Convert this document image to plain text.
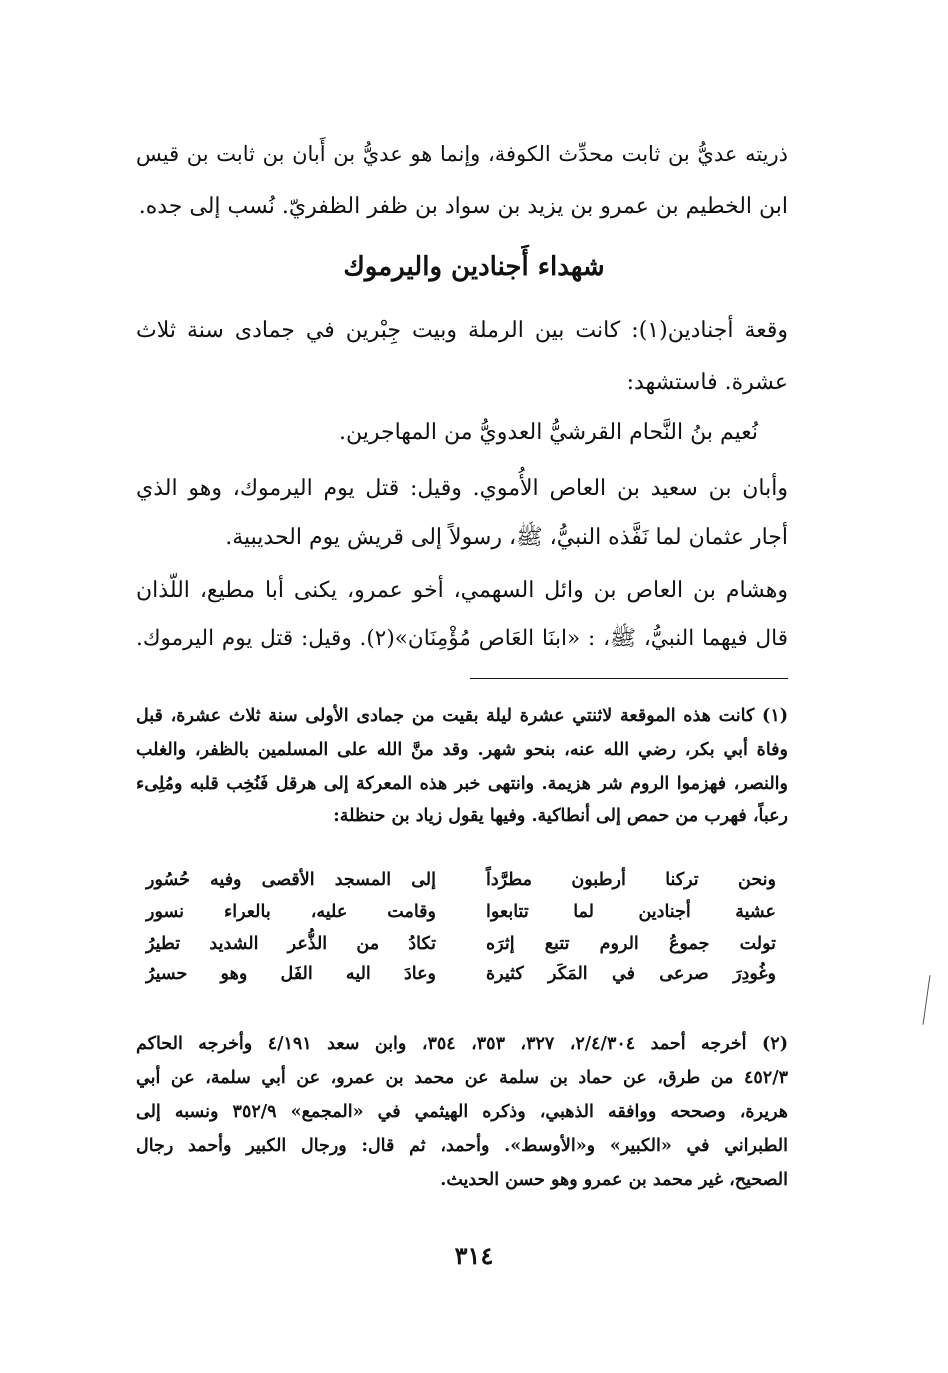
ذريته عديُّ بن ثابت محدِّث الكوفة، وإنما هو عديُّ بن أَبان بن ثابت بن قيس
ابن الخطيم بن عمرو بن يزيد بن سواد بن ظفر الظفريّ. نُسب إلى جده.
شهداء أَجنادين واليرموك
وقعة أجنادين(١): كانت بين الرملة وبيت جِبْرين في جمادى سنة ثلاث
عشرة. فاستشهد:
نُعيم بنُ النَّحام القرشيُّ العدويُّ من المهاجرين.
وأبان بن سعيد بن العاص الأُموي. وقيل: قتل يوم اليرموك، وهو الذي
أجار عثمان لما نَفَّذه النبيُّ، ﷺ، رسولاً إلى قريش يوم الحديبية.
وهشام بن العاص بن وائل السهمي، أخو عمرو، يكنى أبا مطيع، اللّذان
قال فيهما النبيُّ، ﷺ، : «ابنَا العَاص مُؤْمِنَان»(٢). وقيل: قتل يوم اليرموك.
(١) كانت هذه الموقعة لاثنتي عشرة ليلة بقيت من جمادى الأولى سنة ثلاث عشرة، قبل
وفاة أبي بكر، رضي الله عنه، بنحو شهر. وقد منَّ الله على المسلمين بالظفر، والغلب
والنصر، فهزموا الروم شر هزيمة. وانتهى خبر هذه المعركة إلى هرقل فَنُخِب قلبه ومُلِىء
رعباً، فهرب من حمص إلى أنطاكية. وفيها يقول زياد بن حنظلة:
ونحن تركنا أرطبون مطرَّداً
إلى المسجد الأقصى وفيه حُسُور
عشية أجنادين لما تتابعوا
وقامت عليه، بالعراء نسور
تولت جموعُ الروم تتبع إثرَه
تكادُ من الذُّعر الشديد تطيرُ
وغُودِرَ صرعى في المَكَر كثيرة
وعادَ اليه الفَل وهو حسيرُ
(٢) أخرجه أحمد ٢/٤/٣٠٤، ٣٢٧، ٣٥٣، ٣٥٤، وابن سعد ٤/١٩١ وأخرجه الحاكم
٤٥٢/٣ من طرق، عن حماد بن سلمة عن محمد بن عمرو، عن أبي سلمة، عن أبي
هريرة، وصححه ووافقه الذهبي، وذكره الهيثمي في «المجمع» ٣٥٢/٩ ونسبه إلى
الطبراني في «الكبير» و«الأوسط». وأحمد، ثم قال: ورجال الكبير وأحمد رجال
الصحيح، غير محمد بن عمرو وهو حسن الحديث.
٣١٤
